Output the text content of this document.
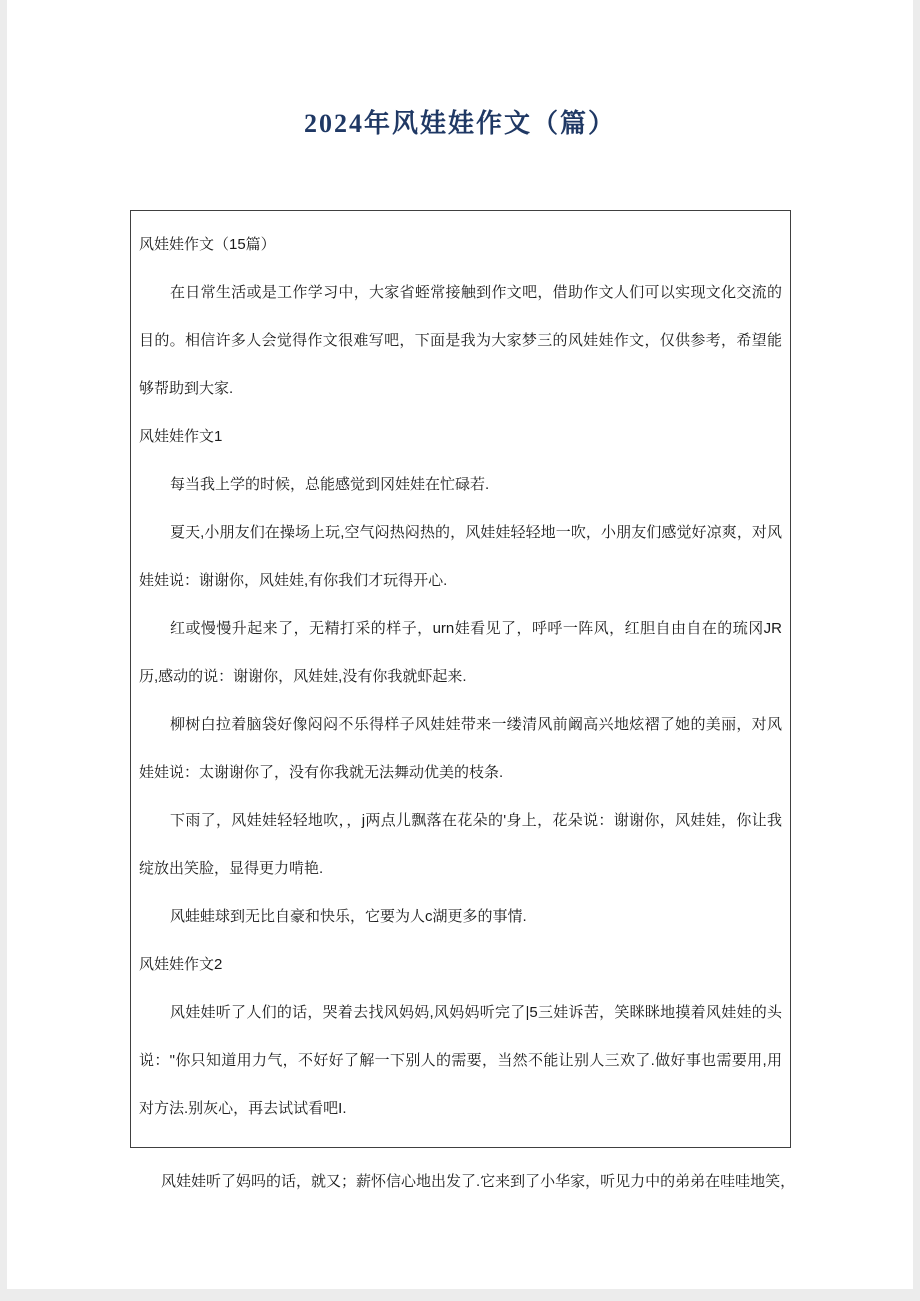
2024年风娃娃作文（篇）

风娃娃作文（15篇）

在日常生活或是工作学习中，大家省蛭常接触到作文吧，借助作文人们可以实现文化交流的目的。相信许多人会觉得作文很难写吧，下面是我为大家梦三的风娃娃作文，仅供参考，希望能够帮助到大家.

风娃娃作文1

每当我上学的时候，总能感觉到冈娃娃在忙碌若.

夏天,小朋友们在操场上玩,空气闷热闷热的，风娃娃轻轻地一吹，小朋友们感觉好凉爽，对风娃娃说：谢谢你，风娃娃,有你我们才玩得开心.

红或慢慢升起来了，无精打采的样子，urn娃看见了，呼呼一阵风，红胆自由自在的琉冈JR历,感动的说：谢谢你，风娃娃,没有你我就虾起来.

柳树白拉着脑袋好像闷闷不乐得样子风娃娃带来一缕清风前阚高兴地炫褶了她的美丽，对风娃娃说：太谢谢你了，没有你我就无法舞动优美的枝条.

下雨了，风娃娃轻轻地吹，，j两点儿飘落在花朵的'身上，花朵说：谢谢你，风娃娃，你让我绽放出笑脸，显得更力啃艳.

风蛙蛙球到无比自豪和快乐，它要为人c湖更多的事情.

风娃娃作文2

风娃娃听了人们的话，哭着去找风妈妈,风妈妈听完了|5三娃诉苦，笑眯眯地摸着风娃娃的头说："你只知道用力气，不好好了解一下别人的需要，当然不能让别人三欢了.做好事也需要用,用对方法.别灰心，再去试试看吧I.

风娃娃听了妈吗的话，就又；薪怀信心地出发了.它来到了小华家，听见力中的弟弟在哇哇地笑，
